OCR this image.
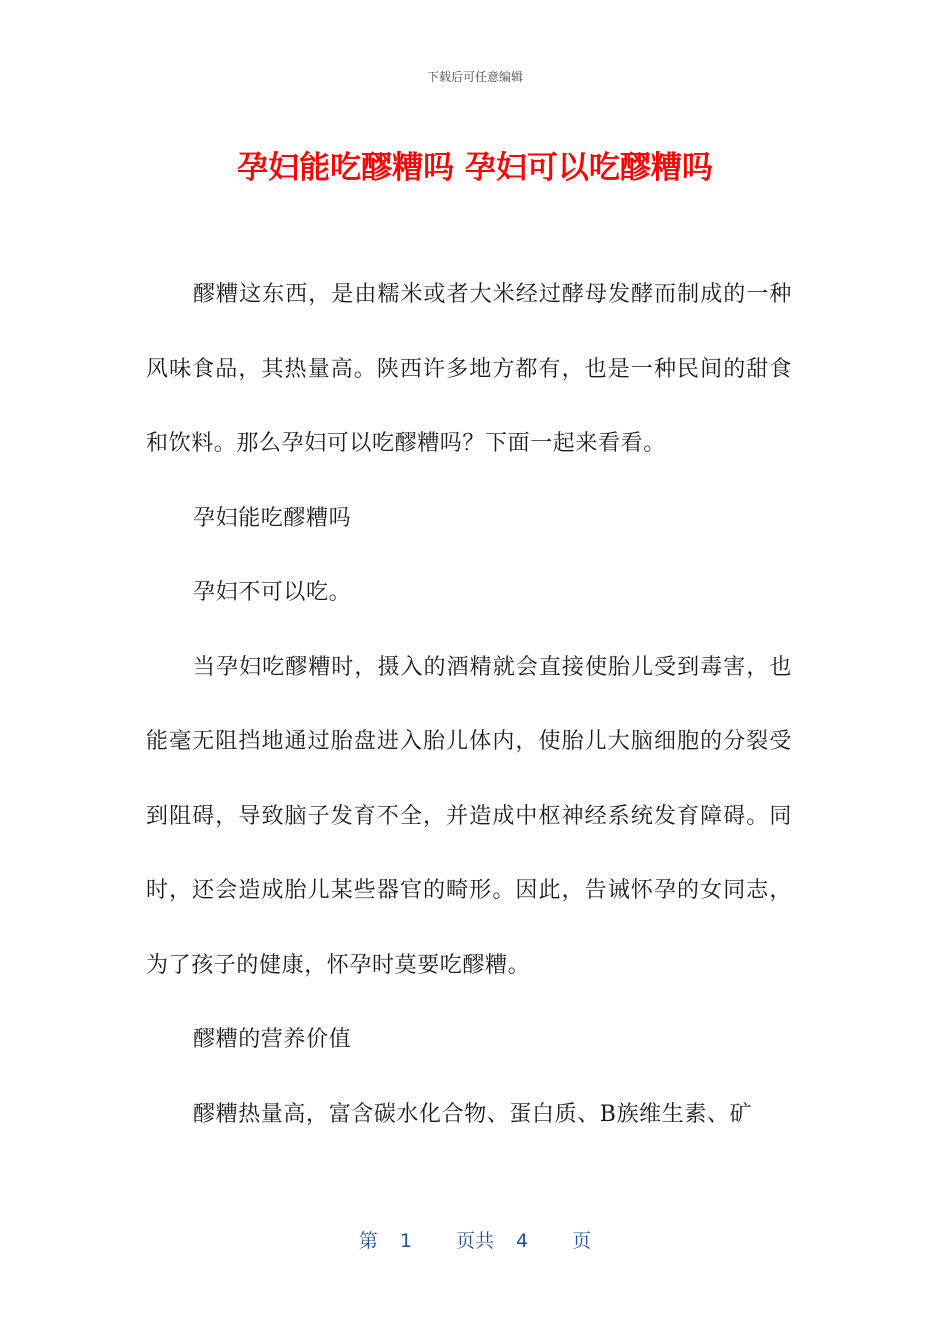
下载后可任意编辑
孕妇能吃醪糟吗 孕妇可以吃醪糟吗

醪糟这东西，是由糯米或者大米经过酵母发酵而制成的一种风味食品，其热量高。陕西许多地方都有，也是一种民间的甜食和饮料。那么孕妇可以吃醪糟吗？下面一起来看看。

孕妇能吃醪糟吗

孕妇不可以吃。

当孕妇吃醪糟时，摄入的酒精就会直接使胎儿受到毒害，也能毫无阻挡地通过胎盘进入胎儿体内，使胎儿大脑细胞的分裂受到阻碍，导致脑子发育不全，并造成中枢神经系统发育障碍。同时，还会造成胎儿某些器官的畸形。因此，告诫怀孕的女同志，为了孩子的健康，怀孕时莫要吃醪糟。

醪糟的营养价值

醪糟热量高，富含碳水化合物、蛋白质、B族维生素、矿

第 1 页共 4 页
